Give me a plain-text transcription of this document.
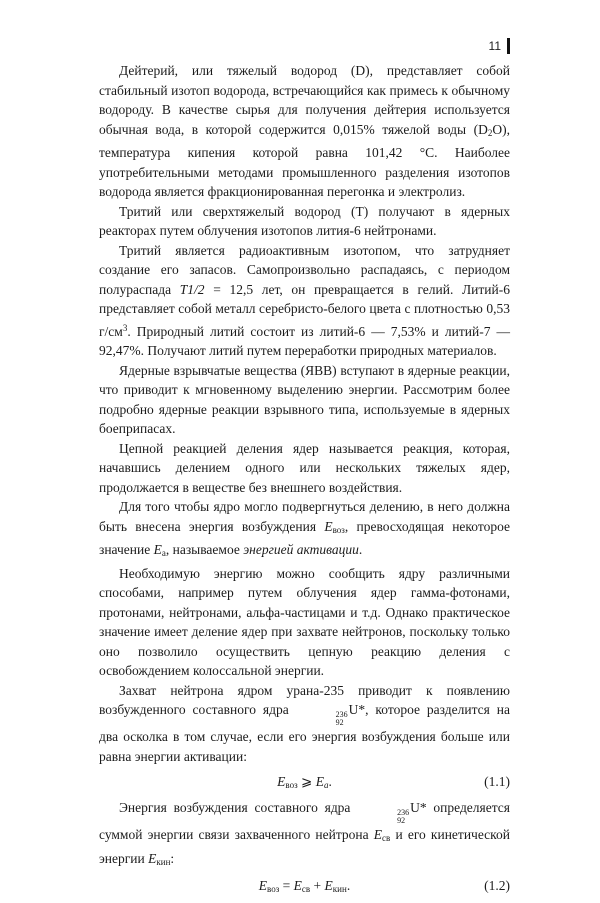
11

Дейтерий, или тяжелый водород (D), представляет собой стабильный изотоп водорода, встречающийся как примесь к обычному водороду. В качестве сырья для получения дейтерия используется обычная вода, в которой содержится 0,015% тяжелой воды $(D_2O)$, температура кипения которой равна 101,42 °С. Наиболее употребительными методами промышленного разделения изотопов водорода является фракционированная перегонка и электролиз.

Тритий или сверхтяжелый водород (Т) получают в ядерных реакторах путем облучения изотопов лития-6 нейтронами.

Тритий является радиоактивным изотопом, что затрудняет создание его запасов. Самопроизвольно распадаясь, с периодом полураспада Т1/2 = 12,5 лет, он превращается в гелий. Литий-6 представляет собой металл серебристо-белого цвета с плотностью 0,53 $г/см^3$. Природный литий состоит из литий-6 — 7,53% и литий-7 — 92,47%. Получают литий путем переработки природных материалов.

Ядерные взрывчатые вещества (ЯВВ) вступают в ядерные реакции, что приводит к мгновенному выделению энергии. Рассмотрим более подробно ядерные реакции взрывного типа, используемые в ядерных боеприпасах.

Цепной реакцией деления ядер называется реакция, которая, начавшись делением одного или нескольких тяжелых ядер, продолжается в веществе без внешнего воздействия.

Для того чтобы ядро могло подвергнуться делению, в него должна быть внесена энергия возбуждения $E_{воз}$, превосходящая некоторое значение $E_a$, называемое энергией активации.

Необходимую энергию можно сообщить ядру различными способами, например путем облучения ядер гамма-фотонами, протонами, нейтронами, альфа-частицами и т.д. Однако практическое значение имеет деление ядер при захвате нейтронов, поскольку только оно позволило осуществить цепную реакцию деления с освобождением колоссальной энергии.

Захват нейтрона ядром урана-235 приводит к появлению возбужденного составного ядра	236
92
U*, которое разделится на два осколка в том случае, если его энергия возбуждения больше или равна энергии активации:

$E_{воз}$ ⩾ $E_a$.	(1.1)

Энергия возбуждения составного ядра	236
92
U* определяется суммой энергии связи захваченного нейтрона $E_{св}$ и его кинетической энергии $E_{кин}$:

$E_{воз} = E_{св} + E_{кин}$.	(1.2)
